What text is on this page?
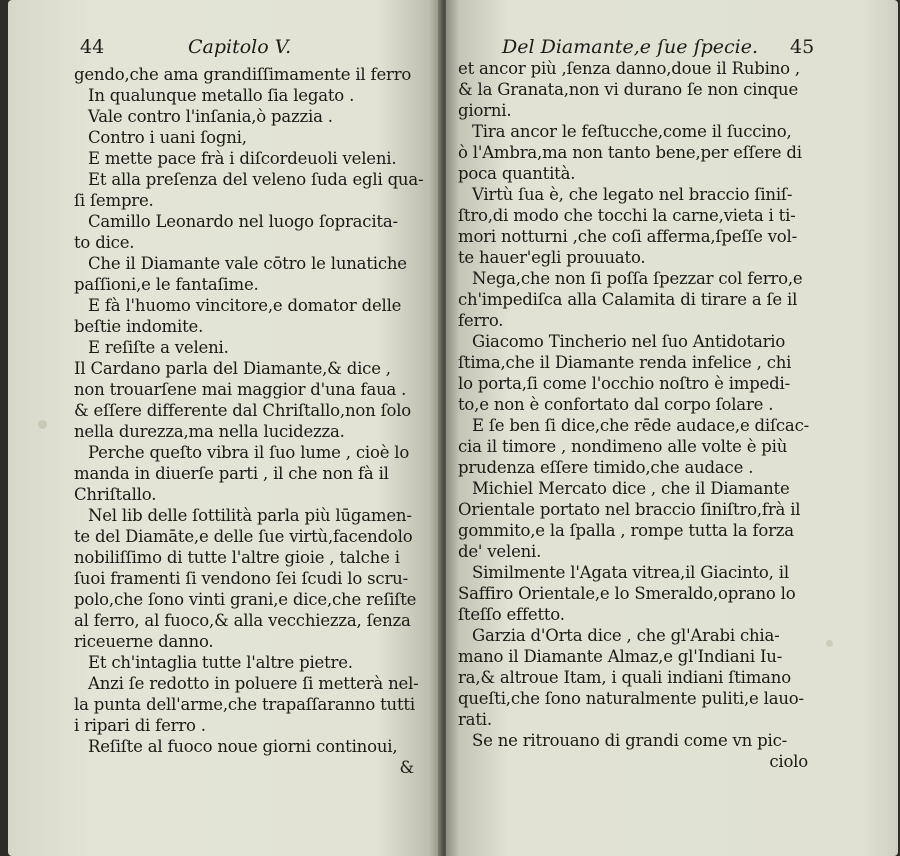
44	Capitolo V.
gendo,che ama grandiſſimamente il ferro
In qualunque metallo ſia legato .
Vale contro l'inſania,ò pazzia .
Contro i uani ſogni,
E mette pace frà i diſcordeuoli veleni.
Et alla preſenza del veleno ſuda egli qua-
ſi ſempre.
Camillo Leonardo nel luogo ſopracita-
to dice.
Che il Diamante vale cōtro le lunatiche
paſſioni,e le fantaſime.
E fà l'huomo vincitore,e domator delle
beſtie indomite.
E reſiſte a veleni.
Il Cardano parla del Diamante,& dice ,
non trouarſene mai maggior d'una faua .
& eſſere differente dal Chriſtallo,non ſolo
nella durezza,ma nella lucidezza.
Perche queſto vibra il ſuo lume , cioè lo
manda in diuerſe parti , il che non fà il
Chriſtallo.
Nel lib delle ſottilità parla più lūgamen-
te del Diamāte,e delle ſue virtù,facendolo
nobiliſſimo di tutte l'altre gioie , talche i
ſuoi framenti ſi vendono ſei ſcudi lo scru-
polo,che ſono vinti grani,e dice,che reſiſte
al ferro, al fuoco,& alla vecchiezza, ſenza
riceuerne danno.
Et ch'intaglia tutte l'altre pietre.
Anzi ſe redotto in poluere ſi metterà nel-
la punta dell'arme,che trapaſſaranno tutti
i ripari di ferro .
Reſiſte al fuoco noue giorni continoui,
&
Del Diamante,e ſue ſpecie. 45
et ancor più ,ſenza danno,doue il Rubino ,
& la Granata,non vi durano ſe non cinque
giorni.
Tira ancor le feſtucche,come il ſuccino,
ò l'Ambra,ma non tanto bene,per eſſere di
poca quantità.
Virtù ſua è, che legato nel braccio ſiniſ-
ſtro,di modo che tocchi la carne,vieta i ti-
mori notturni ,che coſi afferma,ſpeſſe vol-
te hauer'egli prouuato.
Nega,che non ſi poſſa ſpezzar col ferro,e
ch'impediſca alla Calamita di tirare a ſe il
ferro.
Giacomo Tincherio nel ſuo Antidotario
ſtima,che il Diamante renda infelice , chi
lo porta,ſi come l'occhio noſtro è impedi-
to,e non è confortato dal corpo ſolare .
E ſe ben ſi dice,che rēde audace,e diſcac-
cia il timore , nondimeno alle volte è più
prudenza eſſere timido,che audace .
Michiel Mercato dice , che il Diamante
Orientale portato nel braccio ſiniſtro,frà il
gommito,e la ſpalla , rompe tutta la forza
de' veleni.
Similmente l'Agata vitrea,il Giacinto, il
Saffiro Orientale,e lo Smeraldo,oprano lo
ſteſſo effetto.
Garzia d'Orta dice , che gl'Arabi chia-
mano il Diamante Almaz,e gl'Indiani Iu-
ra,& altroue Itam, i quali indiani ſtimano
queſti,che ſono naturalmente puliti,e lauo-
rati.
Se ne ritrouano di grandi come vn pic-
ciolo
